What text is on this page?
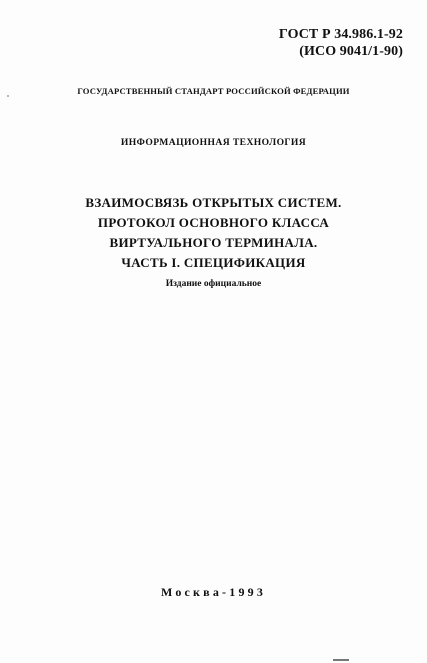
ГОСТ Р 34.986.1-92
(ИСО 9041/1-90)
ГОСУДАРСТВЕННЫЙ СТАНДАРТ РОССИЙСКОЙ ФЕДЕРАЦИИ
ИНФОРМАЦИОННАЯ ТЕХНОЛОГИЯ
ВЗАИМОСВЯЗЬ ОТКРЫТЫХ СИСТЕМ.
ПРОТОКОЛ ОСНОВНОГО КЛАССА
ВИРТУАЛЬНОГО ТЕРМИНАЛА.
ЧАСТЬ I. СПЕЦИФИКАЦИЯ
Издание официальное
Москва-1993
